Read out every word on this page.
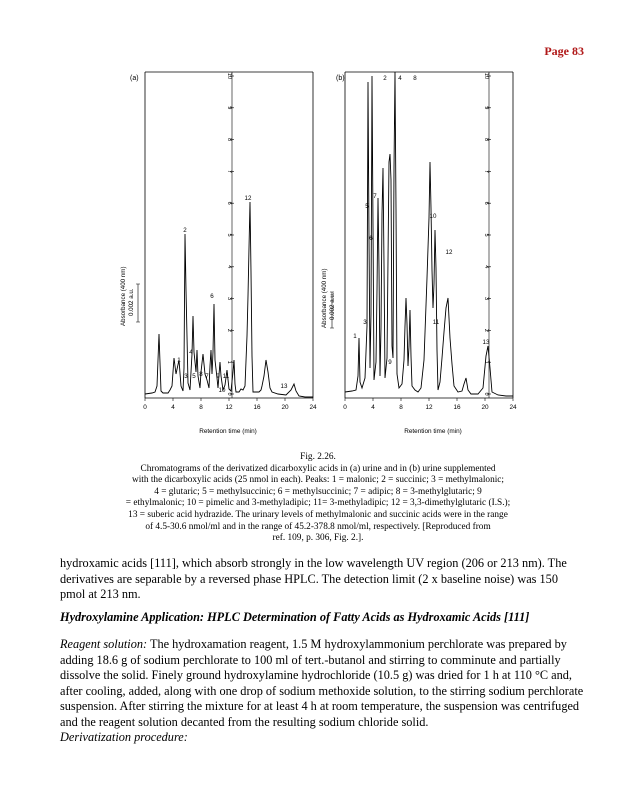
Page 83
(a)
Absorbance (400 nm) 0.002 a.u.
Retention time (min)
0	4	8	12	16	20	24
1
2
3
4
5
6
7
8 9
10
11
12
13
10
9
8
7
6
5
4
3
2
1
0
(b)
Absorbance (400 nm) 0.002 a.u.
Retention time (min)
0	4	8	12	16	20	24
1
2
3
4
5
6
7
8
9
10
11
12
13
10
9
8
7
6
5
4
3
2
1
0
Fig. 2.26.
Chromatograms of the derivatized dicarboxylic acids in (a) urine and in (b) urine supplemented
with the dicarboxylic acids (25 nmol in each). Peaks: 1 = malonic; 2 = succinic; 3 = methylmalonic;
4 = glutaric; 5 = methylsuccinic; 6 = methylsuccinic; 7 = adipic; 8 = 3-methylglutaric; 9
= ethylmalonic; 10 = pimelic and 3-methyladipic; 11= 3-methyladipic; 12 = 3,3-dimethylglutaric (I.S.);
13 = suberic acid hydrazide. The urinary levels of methylmalonic and succinic acids were in the range
of 4.5-30.6 nmol/ml and in the range of 45.2-378.8 nmol/ml, respectively. [Reproduced from
ref. 109, p. 306, Fig. 2.].

hydroxamic acids [111], which absorb strongly in the low wavelength UV region (206 or 213 nm). The derivatives are separable by a reversed phase HPLC. The detection limit (2 x baseline noise) was 150 pmol at 213 nm.

Hydroxylamine Application: HPLC Determination of Fatty Acids as Hydroxamic Acids [111]

Reagent solution: The hydroxamation reagent, 1.5 M hydroxylammonium perchlorate was prepared by adding 18.6 g of sodium perchlorate to 100 ml of tert.-butanol and stirring to comminute and partially dissolve the solid. Finely ground hydroxylamine hydrochloride (10.5 g) was dried for 1 h at 110 °C and, after cooling, added, along with one drop of sodium methoxide solution, to the stirring sodium perchlorate suspension. After stirring the mixture for at least 4 h at room temperature, the suspension was centrifuged and the reagent solution decanted from the resulting sodium chloride solid.

Derivatization procedure:
